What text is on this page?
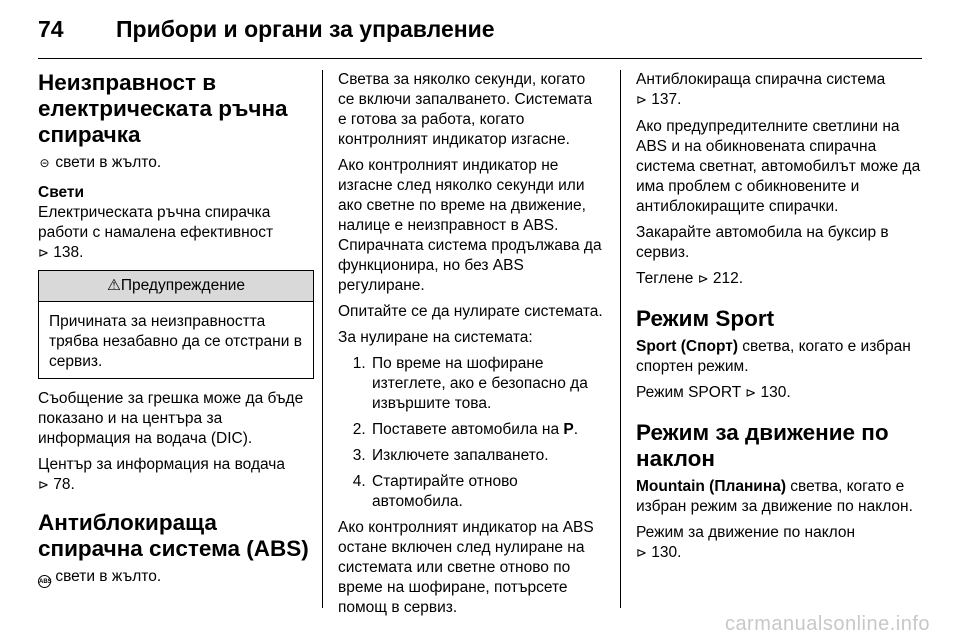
74 Прибори и органи за управление
Неизправност в електрическата ръчна спирачка

⊝ свети в жълто.

Свети

Електрическата ръчна спирачка работи с намалена ефективност
⊳ 138.

⚠Предупреждение

Причината за неизправността трябва незабавно да се отстрани в сервиз.

Съобщение за грешка може да бъде показано и на центъра за информация на водача (DIC).

Център за информация на водача
⊳ 78.

Антиблокираща спирачна система (ABS)

ABS свети в жълто.

Светва за няколко секунди, когато се включи запалването. Системата е готова за работа, когато контролният индикатор изгасне.

Ако контролният индикатор не изгасне след няколко секунди или ако светне по време на движение, налице е неизправност в ABS. Спирачната система продължава да функционира, но без ABS регулиране.

Опитайте се да нулирате системата.

За нулиране на системата:

1. По време на шофиране изтеглете, ако е безопасно да извършите това.
2. Поставете автомобила на P.
3. Изключете запалването.
4. Стартирайте отново автомобила.

Ако контролният индикатор на ABS остане включен след нулиране на системата или светне отново по време на шофиране, потърсете помощ в сервиз.

Антиблокираща спирачна система
⊳ 137.

Ако предупредителните светлини на ABS и на обикновената спирачна система светнат, автомобилът може да има проблем с обикновените и антиблокиращите спирачки.

Закарайте автомобила на буксир в сервиз.

Теглене ⊳ 212.

Режим Sport

Sport (Спорт) светва, когато е избран спортен режим.

Режим SPORT ⊳ 130.

Режим за движение по наклон

Mountain (Планина) светва, когато е избран режим за движение по наклон.

Режим за движение по наклон
⊳ 130.

carmanualsonline.info
